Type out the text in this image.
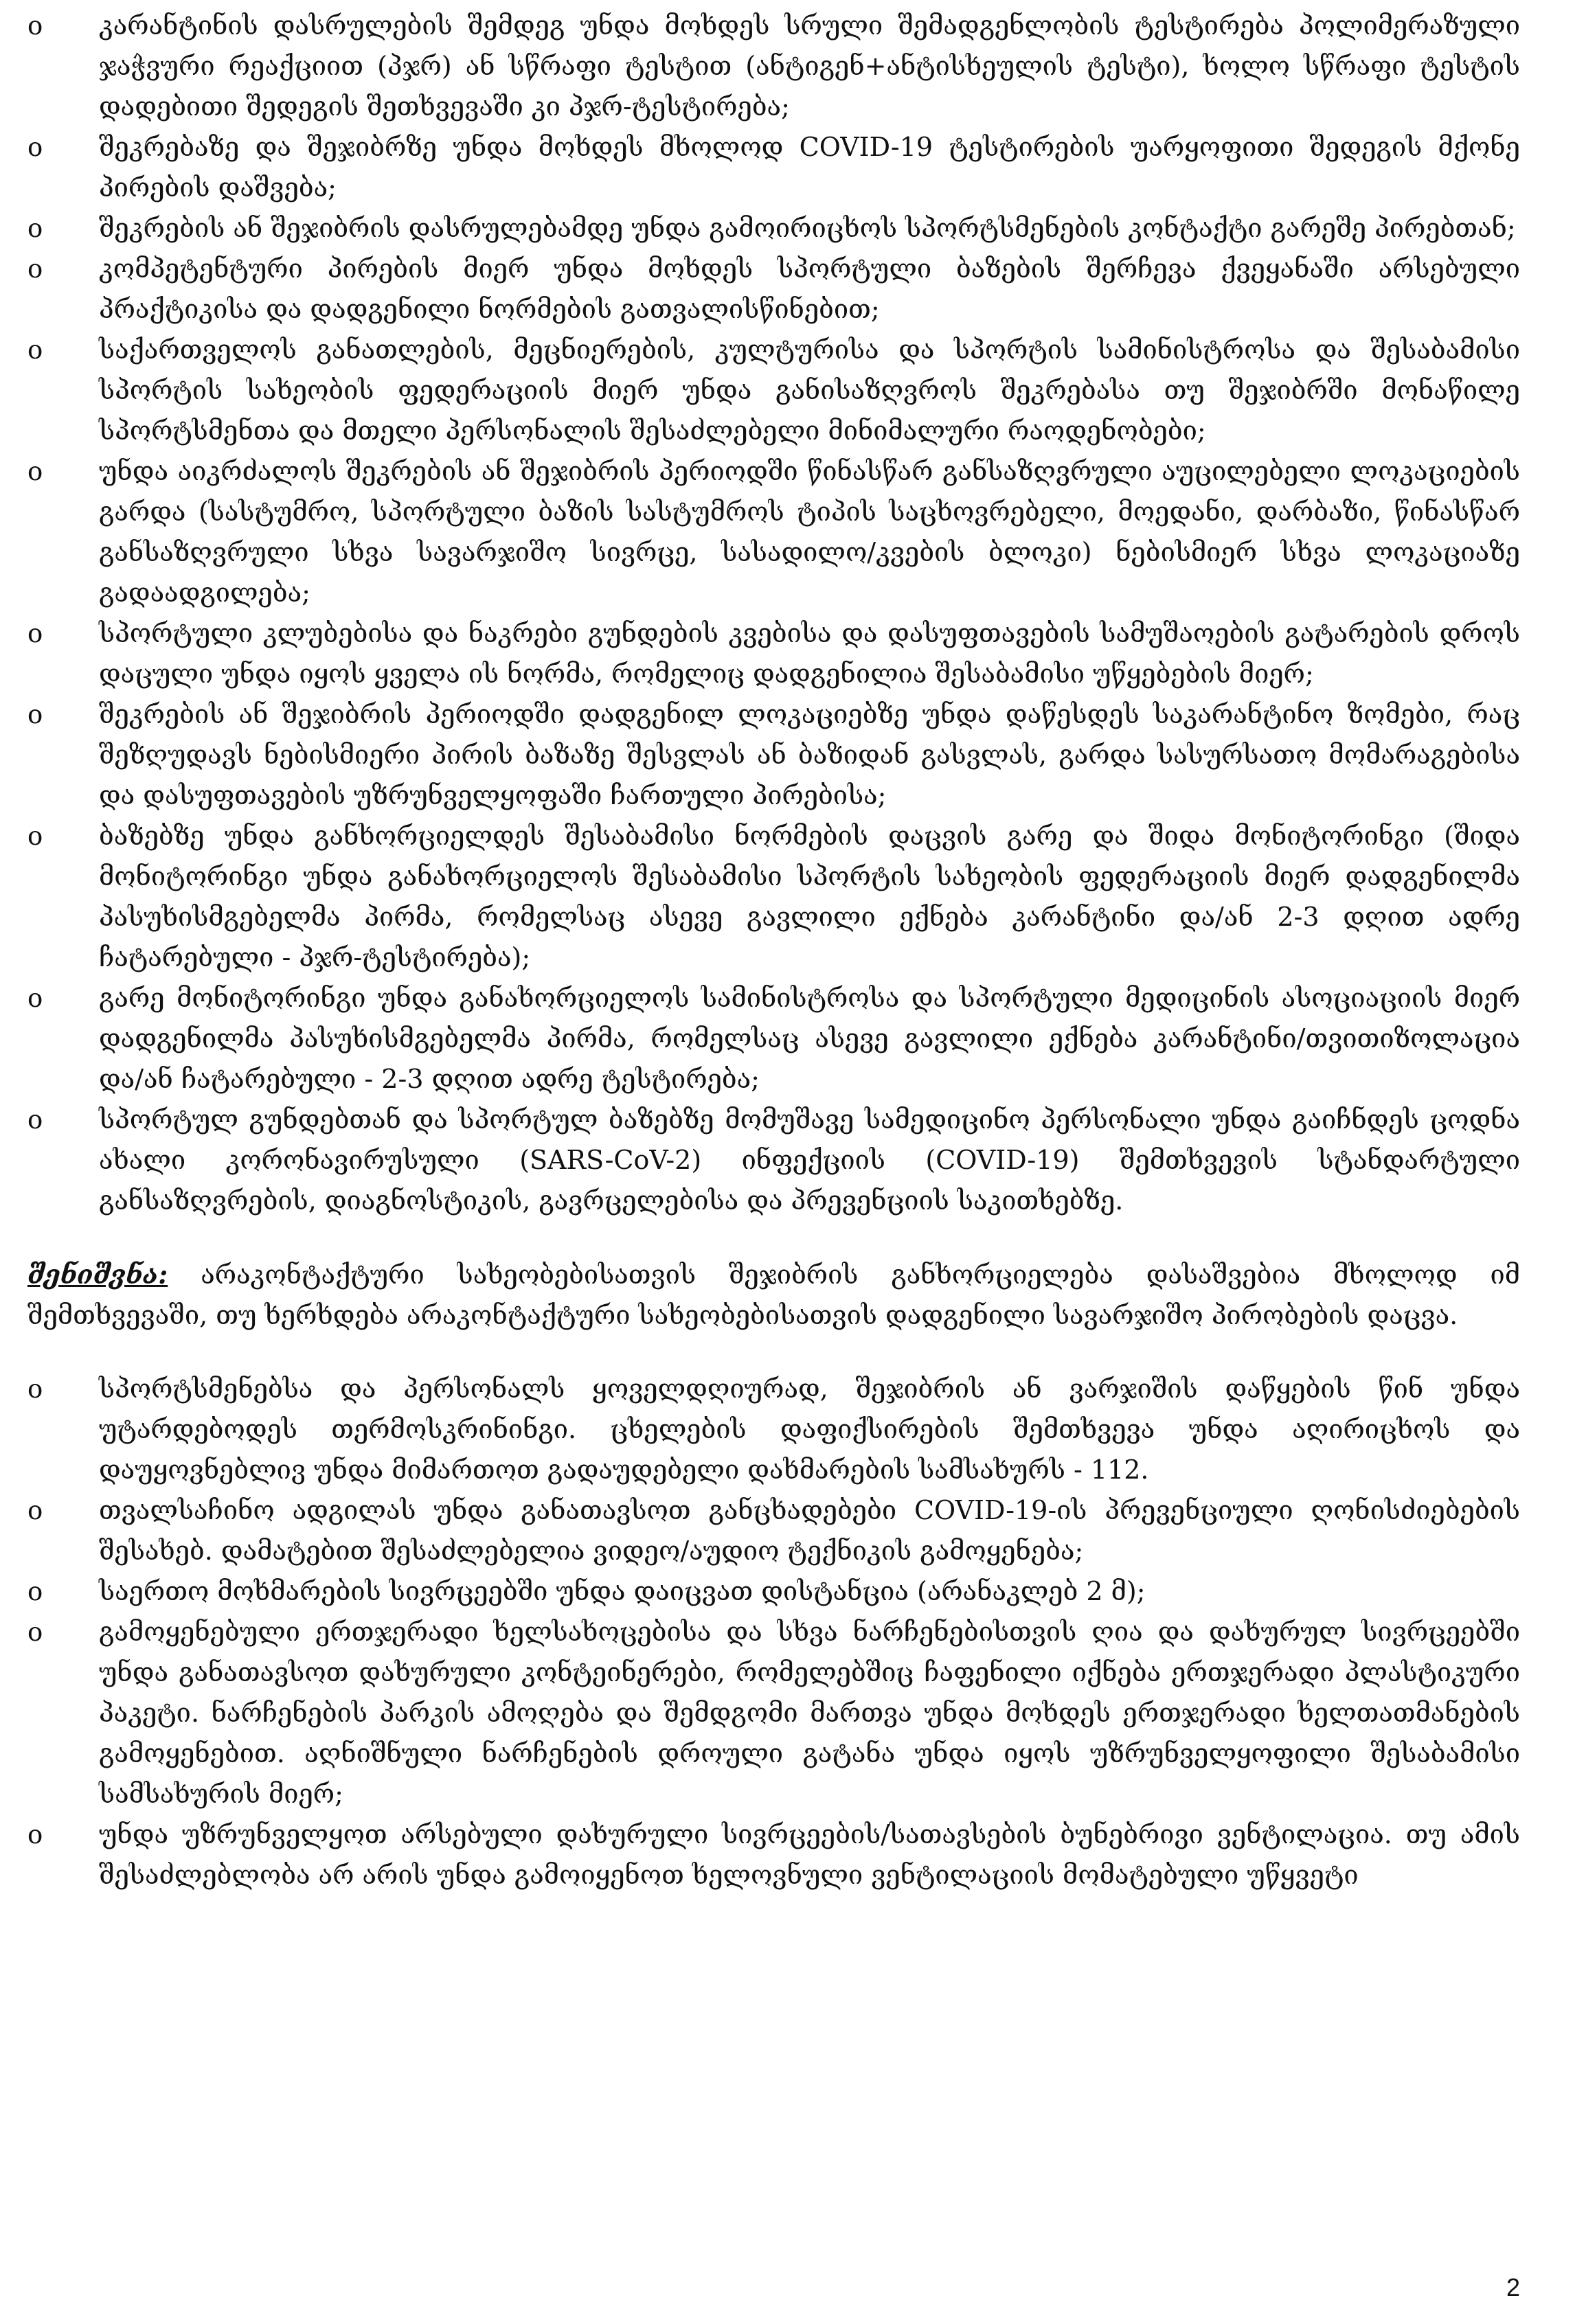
o	კარანტინის დასრულების შემდეგ უნდა მოხდეს სრული შემადგენლობის ტესტირება პოლიმერაზული ჯაჭვური რეაქციით (პჯრ) ან სწრაფი ტესტით (ანტიგენ+ანტისხეულის ტესტი), ხოლო სწრაფი ტესტის დადებითი შედეგის შეთხვევაში კი პჯრ-ტესტირება;

o	შეკრებაზე და შეჯიბრზე უნდა მოხდეს მხოლოდ COVID-19 ტესტირების უარყოფითი შედეგის მქონე პირების დაშვება;

o	შეკრების ან შეჯიბრის დასრულებამდე უნდა გამოირიცხოს სპორტსმენების კონტაქტი გარეშე პირებთან;

o	კომპეტენტური პირების მიერ უნდა მოხდეს სპორტული ბაზების შერჩევა ქვეყანაში არსებული პრაქტიკისა და დადგენილი ნორმების გათვალისწინებით;

o	საქართველოს განათლების, მეცნიერების, კულტურისა და სპორტის სამინისტროსა და შესაბამისი სპორტის სახეობის ფედერაციის მიერ უნდა განისაზღვროს შეკრებასა თუ შეჯიბრში მონაწილე სპორტსმენთა და მთელი პერსონალის შესაძლებელი მინიმალური რაოდენობები;

o	უნდა აიკრძალოს შეკრების ან შეჯიბრის პერიოდში წინასწარ განსაზღვრული აუცილებელი ლოკაციების გარდა (სასტუმრო, სპორტული ბაზის სასტუმროს ტიპის საცხოვრებელი, მოედანი, დარბაზი, წინასწარ განსაზღვრული სხვა სავარჯიშო სივრცე, სასადილო/კვების ბლოკი) ნებისმიერ სხვა ლოკაციაზე გადაადგილება;

o	სპორტული კლუბებისა და ნაკრები გუნდების კვებისა და დასუფთავების სამუშაოების გატარების დროს დაცული უნდა იყოს ყველა ის ნორმა, რომელიც დადგენილია შესაბამისი უწყებების მიერ;

o	შეკრების ან შეჯიბრის პერიოდში დადგენილ ლოკაციებზე უნდა დაწესდეს საკარანტინო ზომები, რაც შეზღუდავს ნებისმიერი პირის ბაზაზე შესვლას ან ბაზიდან გასვლას, გარდა სასურსათო მომარაგებისა და დასუფთავების უზრუნველყოფაში ჩართული პირებისა;

o	ბაზებზე უნდა განხორციელდეს შესაბამისი ნორმების დაცვის გარე და შიდა მონიტორინგი (შიდა მონიტორინგი უნდა განახორციელოს შესაბამისი სპორტის სახეობის ფედერაციის მიერ დადგენილმა პასუხისმგებელმა პირმა, რომელსაც ასევე გავლილი ექნება კარანტინი და/ან 2-3 დღით ადრე ჩატარებული - პჯრ-ტესტირება);

o	გარე მონიტორინგი უნდა განახორციელოს სამინისტროსა და სპორტული მედიცინის ასოციაციის მიერ დადგენილმა პასუხისმგებელმა პირმა, რომელსაც ასევე გავლილი ექნება კარანტინი/თვითიზოლაცია და/ან ჩატარებული - 2-3 დღით ადრე ტესტირება;

o	სპორტულ გუნდებთან და სპორტულ ბაზებზე მომუშავე სამედიცინო პერსონალი უნდა გაიჩნდეს ცოდნა ახალი კორონავირუსული (SARS-CoV-2) ინფექციის (COVID-19) შემთხვევის სტანდარტული განსაზღვრების, დიაგნოსტიკის, გავრცელებისა და პრევენციის საკითხებზე.

შენიშვნა: არაკონტაქტური სახეობებისათვის შეჯიბრის განხორციელება დასაშვებია მხოლოდ იმ შემთხვევაში, თუ ხერხდება არაკონტაქტური სახეობებისათვის დადგენილი სავარჯიშო პირობების დაცვა.

o	სპორტსმენებსა და პერსონალს ყოველდღიურად, შეჯიბრის ან ვარჯიშის დაწყების წინ უნდა უტარდებოდეს თერმოსკრინინგი. ცხელების დაფიქსირების შემთხვევა უნდა აღირიცხოს და დაუყოვნებლივ უნდა მიმართოთ გადაუდებელი დახმარების სამსახურს - 112.

o	თვალსაჩინო ადგილას უნდა განათავსოთ განცხადებები COVID-19-ის პრევენციული ღონისძიებების შესახებ. დამატებით შესაძლებელია ვიდეო/აუდიო ტექნიკის გამოყენება;

o	საერთო მოხმარების სივრცეებში უნდა დაიცვათ დისტანცია (არანაკლებ 2 მ);

o	გამოყენებული ერთჯერადი ხელსახოცებისა და სხვა ნარჩენებისთვის ღია და დახურულ სივრცეებში უნდა განათავსოთ დახურული კონტეინერები, რომელებშიც ჩაფენილი იქნება ერთჯერადი პლასტიკური პაკეტი. ნარჩენების პარკის ამოღება და შემდგომი მართვა უნდა მოხდეს ერთჯერადი ხელთათმანების გამოყენებით. აღნიშნული ნარჩენების დროული გატანა უნდა იყოს უზრუნველყოფილი შესაბამისი სამსახურის მიერ;

o	უნდა უზრუნველყოთ არსებული დახურული სივრცეების/სათავსების ბუნებრივი ვენტილაცია. თუ ამის შესაძლებლობა არ არის უნდა გამოიყენოთ ხელოვნული ვენტილაციის მომატებული უწყვეტი

2
